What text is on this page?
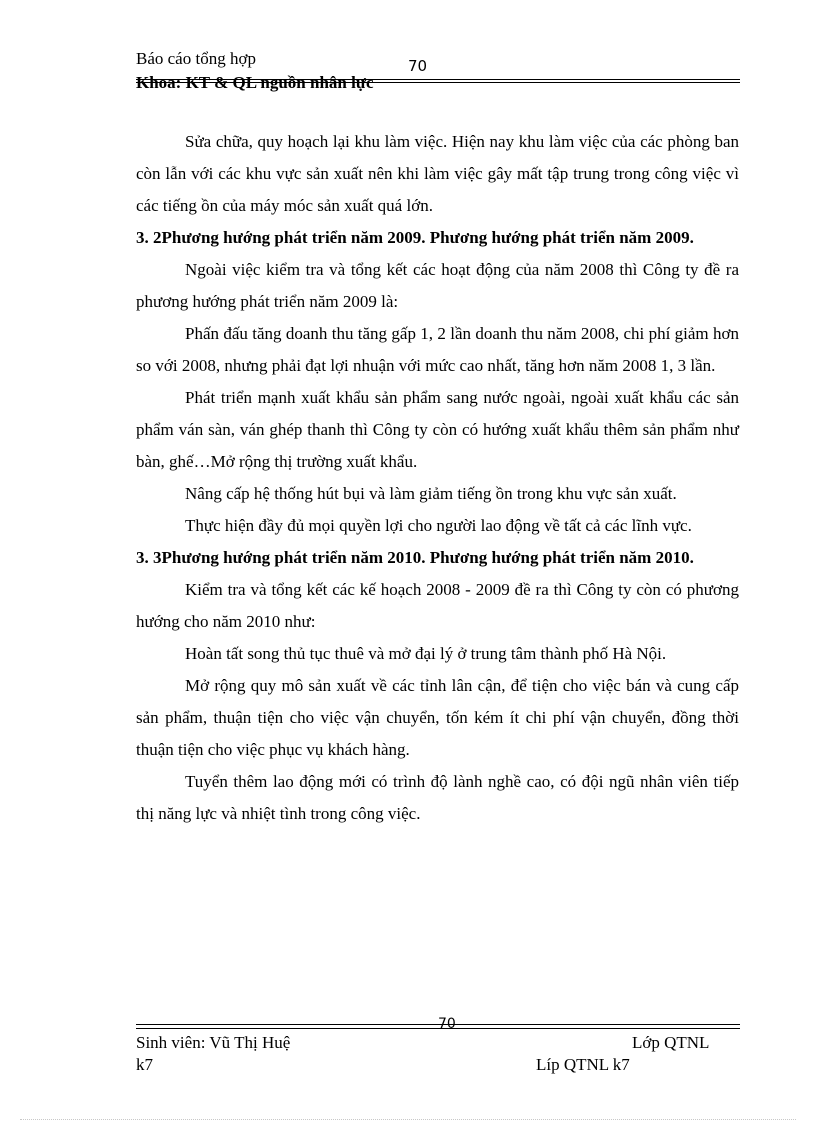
Báo cáo tổng hợp	70
Khoa: KT & QL nguồn nhân lực

Sửa chữa, quy hoạch lại khu làm việc. Hiện nay khu làm việc của các phòng ban còn lẫn với các khu vực sản xuất nên khi làm việc gây mất tập trung trong công việc vì các tiếng ồn của máy móc sản xuất quá lớn.

3. 2Phương hướng phát triển năm 2009. Phương hướng phát triển năm 2009.

Ngoài việc kiểm tra và tổng kết các hoạt động của năm 2008 thì Công ty đề ra phương hướng phát triển năm 2009 là:

Phấn đấu tăng doanh thu tăng gấp 1, 2 lần doanh thu năm 2008, chi phí giảm hơn so với 2008, nhưng phải đạt lợi nhuận với mức cao nhất, tăng hơn năm 2008 1, 3 lần.

Phát triển mạnh xuất khẩu sản phẩm sang nước ngoài, ngoài xuất khẩu các sản phẩm ván sàn, ván ghép thanh thì Công ty còn có hướng xuất khẩu thêm sản phẩm như bàn, ghế…Mở rộng thị trường xuất khẩu.

Nâng cấp hệ thống hút bụi và làm giảm tiếng ồn trong khu vực sản xuất.

Thực hiện đầy đủ mọi quyền lợi cho người lao động về tất cả các lĩnh vực.

3. 3Phương hướng phát triển năm 2010. Phương hướng phát triển năm 2010.

Kiểm tra và tổng kết các kế hoạch 2008 - 2009 đề ra thì Công ty còn có phương hướng cho năm 2010 như:

Hoàn tất song thủ tục thuê và mở đại lý ở trung tâm thành phố Hà Nội.

Mở rộng quy mô sản xuất về các tỉnh lân cận, để tiện cho việc bán và cung cấp sản phẩm, thuận tiện cho việc vận chuyển, tốn kém ít chi phí vận chuyển, đồng thời thuận tiện cho việc phục vụ khách hàng.

Tuyển thêm lao động mới có trình độ lành nghề cao, có đội ngũ nhân viên tiếp thị năng lực và nhiệt tình trong công việc.

70
Sinh viên: Vũ Thị Huệ	Lớp QTNL
k7	Líp QTNL k7
